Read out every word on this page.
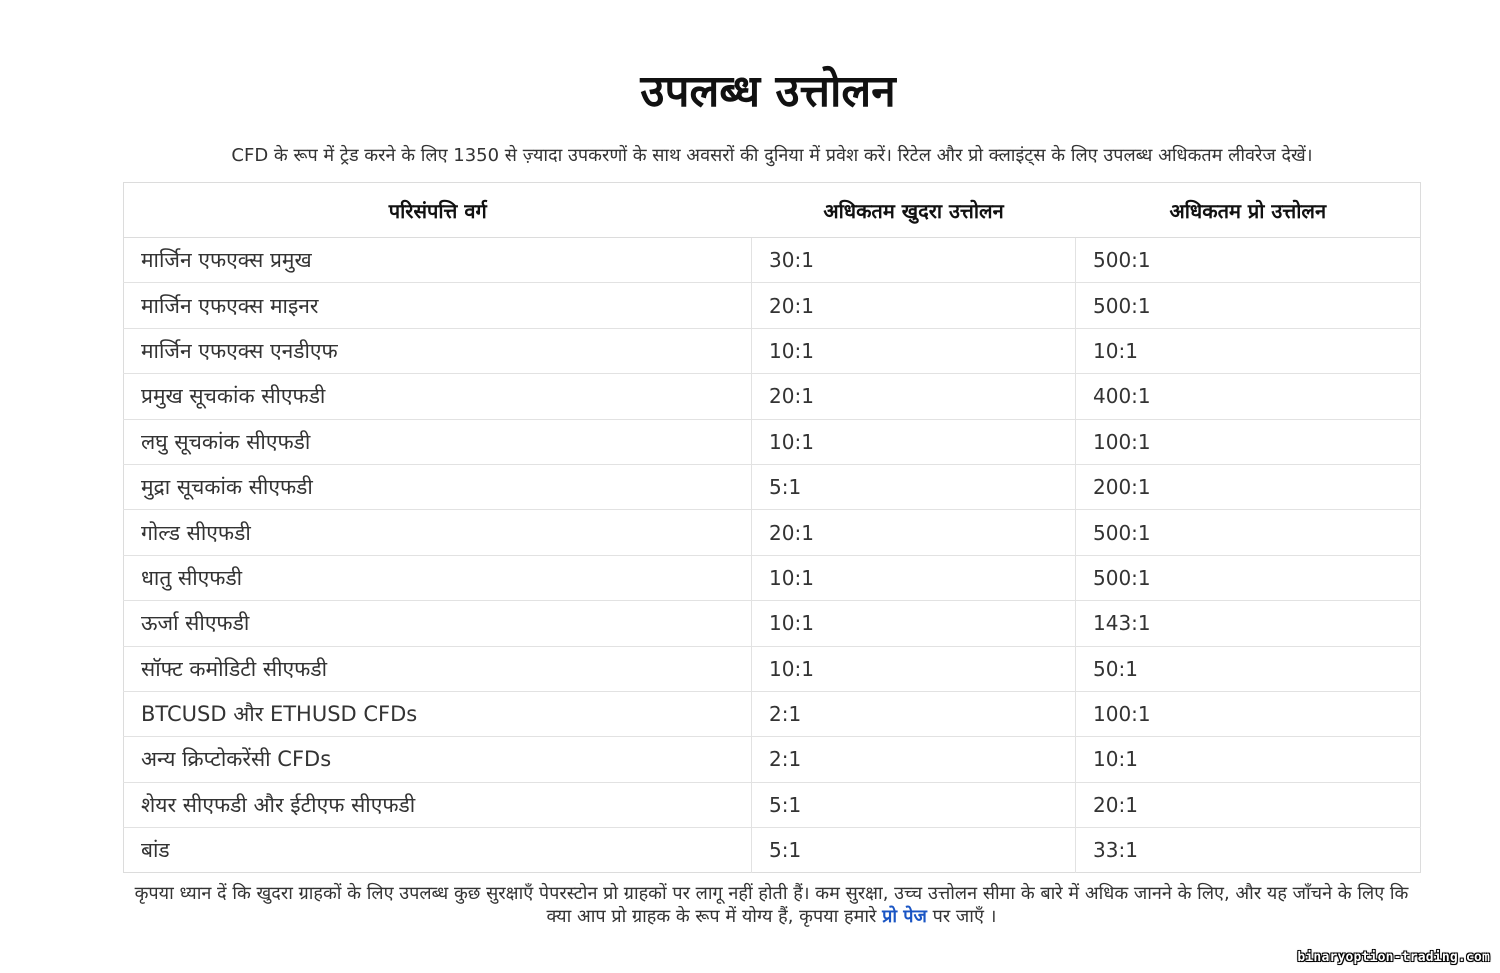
उपलब्ध उत्तोलन

CFD के रूप में ट्रेड करने के लिए 1350 से ज़्यादा उपकरणों के साथ अवसरों की दुनिया में प्रवेश करें। रिटेल और प्रो क्लाइंट्स के लिए उपलब्ध अधिकतम लीवरेज देखें।

परिसंपत्ति वर्ग	अधिकतम खुदरा उत्तोलन	अधिकतम प्रो उत्तोलन
मार्जिन एफएक्स प्रमुख	30:1	500:1
मार्जिन एफएक्स माइनर	20:1	500:1
मार्जिन एफएक्स एनडीएफ	10:1	10:1
प्रमुख सूचकांक सीएफडी	20:1	400:1
लघु सूचकांक सीएफडी	10:1	100:1
मुद्रा सूचकांक सीएफडी	5:1	200:1
गोल्ड सीएफडी	20:1	500:1
धातु सीएफडी	10:1	500:1
ऊर्जा सीएफडी	10:1	143:1
सॉफ्ट कमोडिटी सीएफडी	10:1	50:1
BTCUSD और ETHUSD CFDs	2:1	100:1
अन्य क्रिप्टोकरेंसी CFDs	2:1	10:1
शेयर सीएफडी और ईटीएफ सीएफडी	5:1	20:1
बांड	5:1	33:1

कृपया ध्यान दें कि खुदरा ग्राहकों के लिए उपलब्ध कुछ सुरक्षाएँ पेपरस्टोन प्रो ग्राहकों पर लागू नहीं होती हैं। कम सुरक्षा, उच्च उत्तोलन सीमा के बारे में अधिक जानने के लिए, और यह जाँचने के लिए कि क्या आप प्रो ग्राहक के रूप में योग्य हैं, कृपया हमारे प्रो पेज पर जाएँ ।

binaryoption-trading.com
